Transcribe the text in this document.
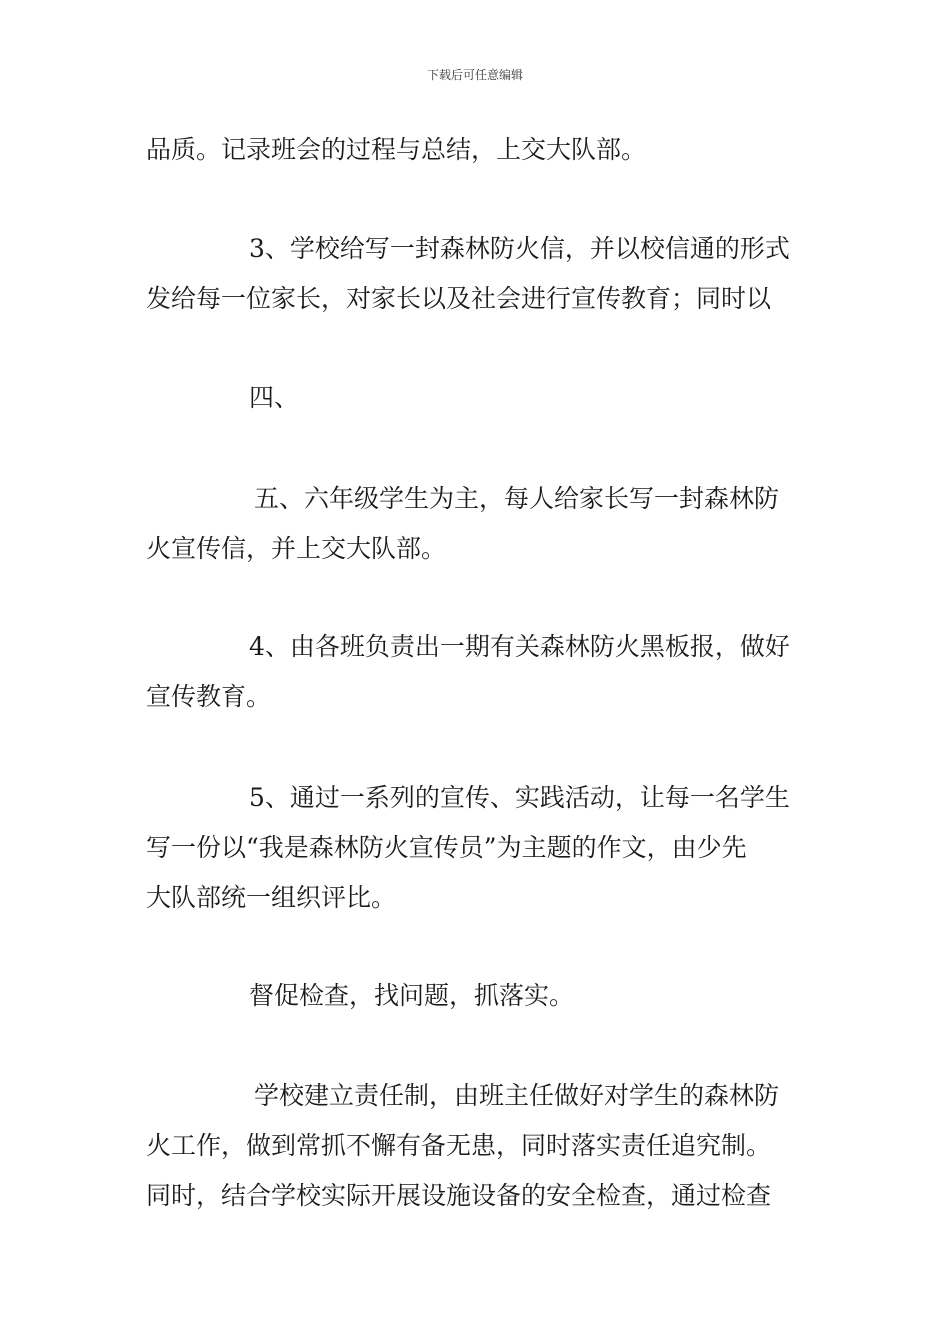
下载后可任意编辑
品质。记录班会的过程与总结，上交大队部。
3、学校给写一封森林防火信，并以校信通的形式
发给每一位家长，对家长以及社会进行宣传教育；同时以
四、
五、六年级学生为主，每人给家长写一封森林防
火宣传信，并上交大队部。
4、由各班负责出一期有关森林防火黑板报，做好
宣传教育。
5、通过一系列的宣传、实践活动，让每一名学生
写一份以“我是森林防火宣传员”为主题的作文，由少先
大队部统一组织评比。
督促检查，找问题，抓落实。
学校建立责任制，由班主任做好对学生的森林防
火工作，做到常抓不懈有备无患，同时落实责任追究制。
同时，结合学校实际开展设施设备的安全检查，通过检查
